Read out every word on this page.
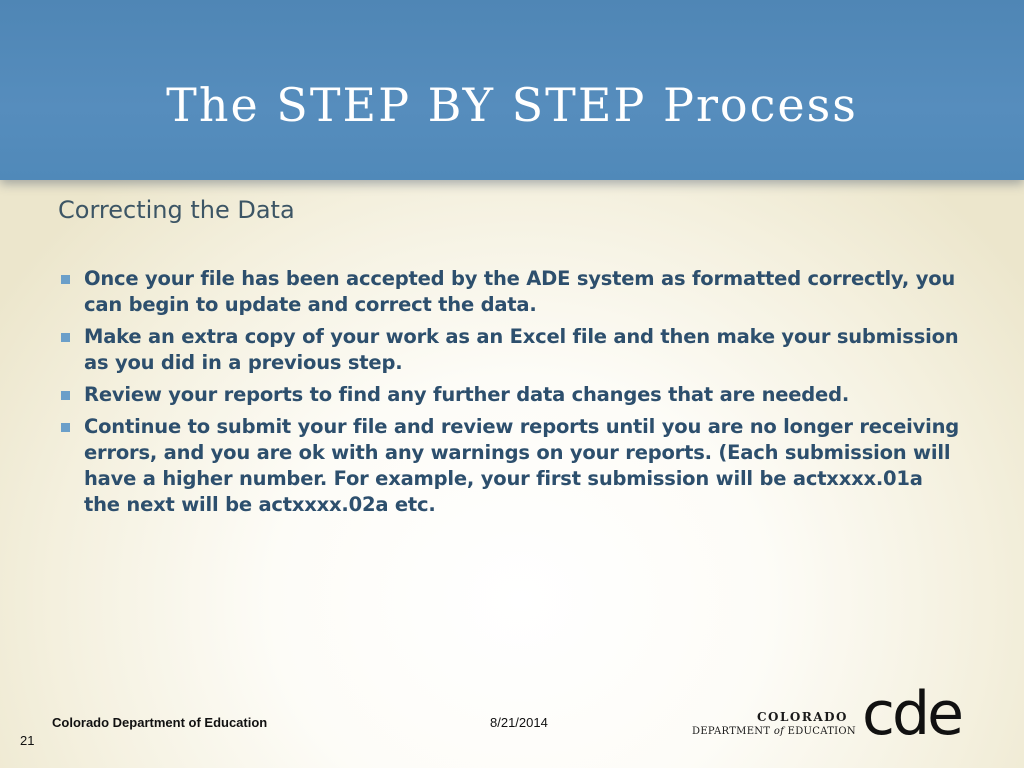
The STEP BY STEP Process
Correcting the Data
Once your file has been accepted by the ADE system as formatted correctly, you can begin to update and correct the data.
Make an extra copy of your work as an Excel file and then make your submission as you did in a previous step.
Review your reports to find any further data changes that are needed.
Continue to submit your file and review reports until you are no longer receiving errors, and you are ok with any warnings on your reports. (Each submission will have a higher number. For example, your first submission will be actxxxx.01a the next will be actxxxx.02a etc.
Colorado Department of Education	8/21/2014
21
COLORADO
DEPARTMENT of EDUCATION cde
